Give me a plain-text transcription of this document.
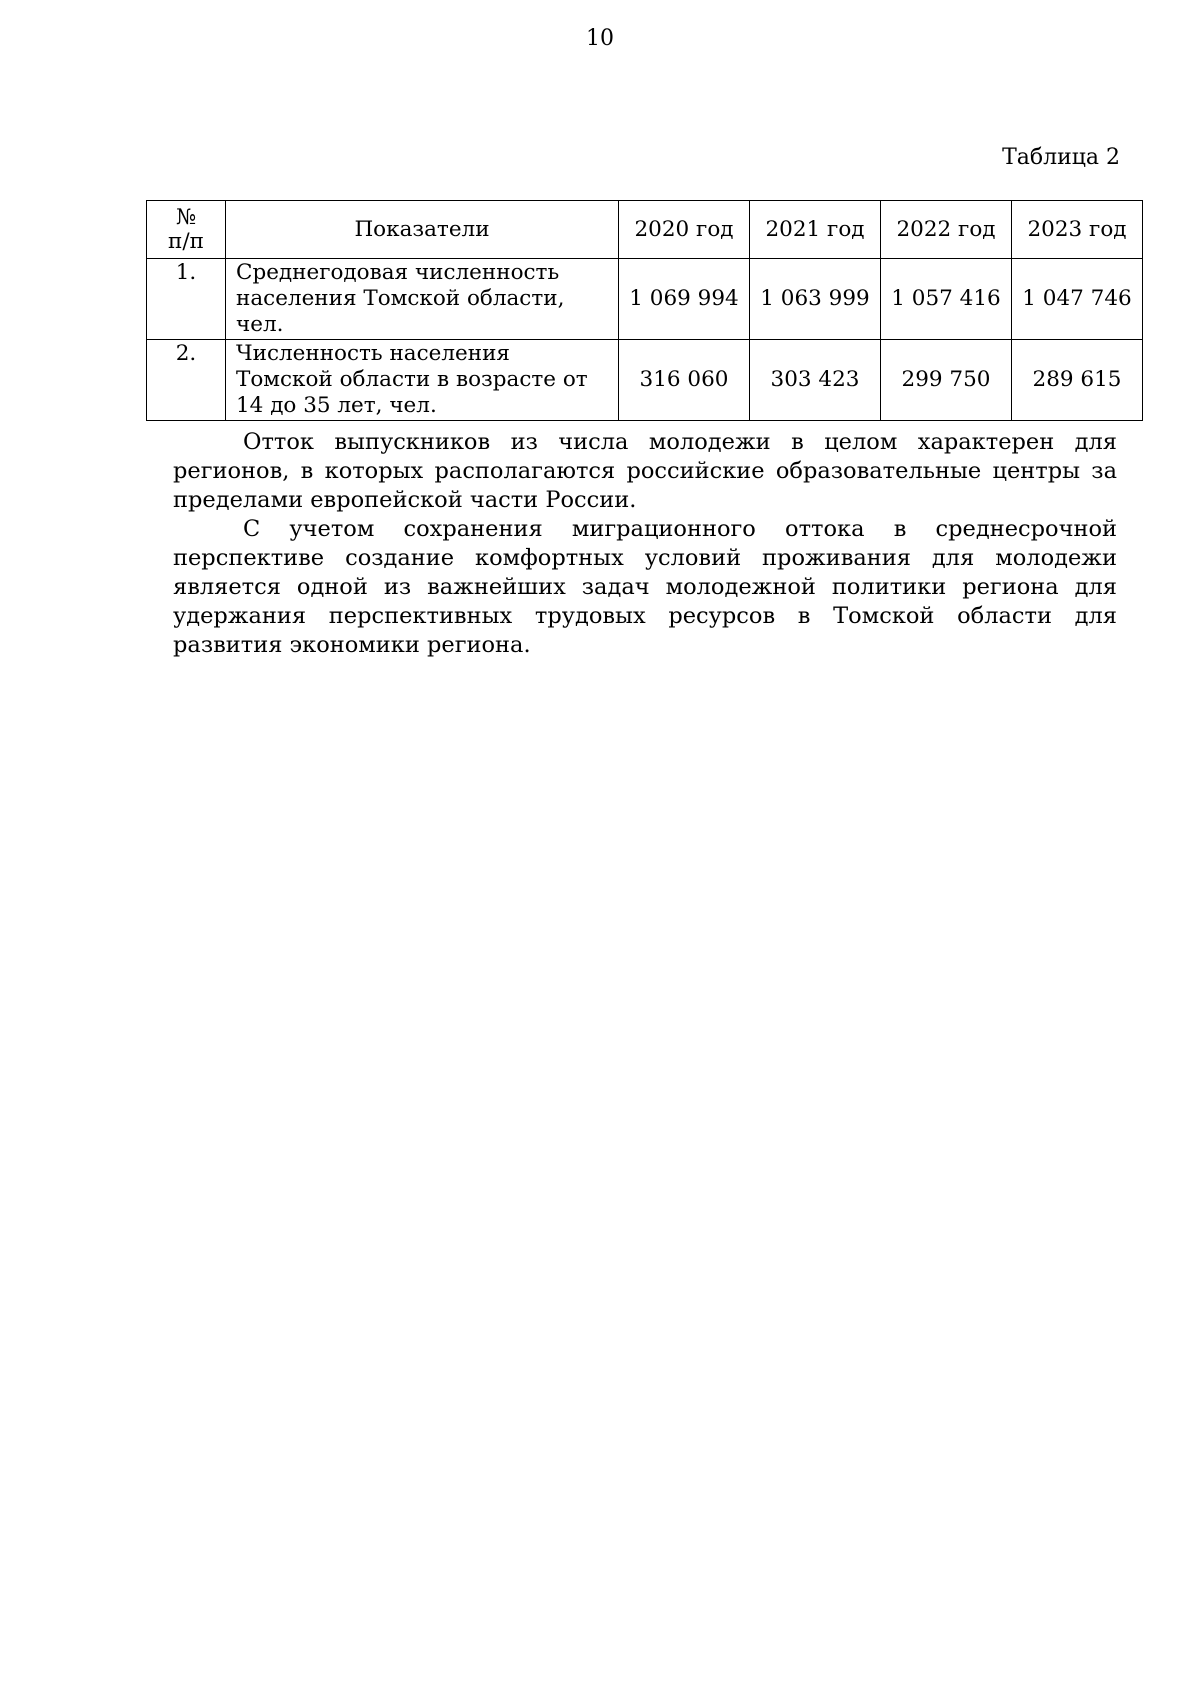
10
Таблица 2
№
п/п	Показатели	2020 год	2021 год	2022 год	2023 год
1.	Среднегодовая численность населения Томской области, чел.	1 069 994	1 063 999	1 057 416	1 047 746
2.	Численность населения Томской области в возрасте от 14 до 35 лет, чел.	316 060	303 423	299 750	289 615

Отток выпускников из числа молодежи в целом характерен для регионов, в которых располагаются российские образовательные центры за пределами европейской части России.

С учетом сохранения миграционного оттока в среднесрочной перспективе создание комфортных условий проживания для молодежи является одной из важнейших задач молодежной политики региона для удержания перспективных трудовых ресурсов в Томской области для развития экономики региона.
